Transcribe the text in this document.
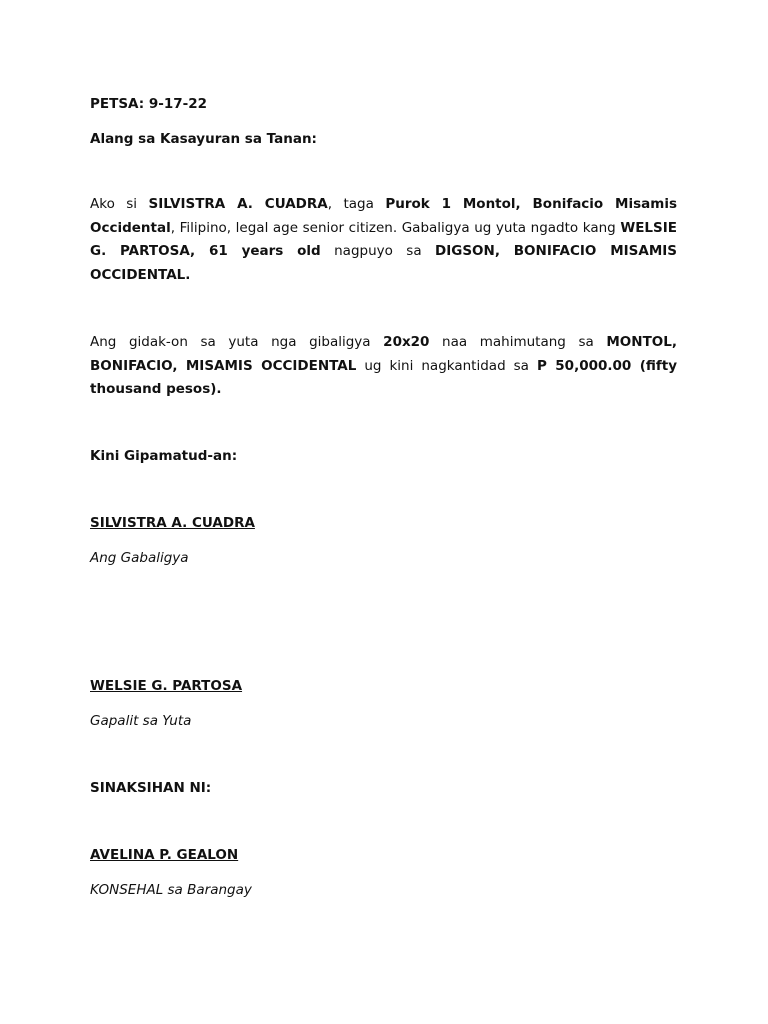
PETSA: 9-17-22
Alang sa Kasayuran sa Tanan:
Ako si SILVISTRA A. CUADRA, taga Purok 1 Montol, Bonifacio Misamis Occidental, Filipino, legal age senior citizen. Gabaligya ug yuta ngadto kang WELSIE G. PARTOSA, 61 years old nagpuyo sa DIGSON, BONIFACIO MISAMIS OCCIDENTAL.
Ang gidak-on sa yuta nga gibaligya 20x20 naa mahimutang sa MONTOL, BONIFACIO, MISAMIS OCCIDENTAL ug kini nagkantidad sa P 50,000.00 (fifty thousand pesos).
Kini Gipamatud-an:
SILVISTRA A. CUADRA
Ang Gabaligya
WELSIE G. PARTOSA
Gapalit sa Yuta
SINAKSIHAN NI:
AVELINA P. GEALON
KONSEHAL sa Barangay
